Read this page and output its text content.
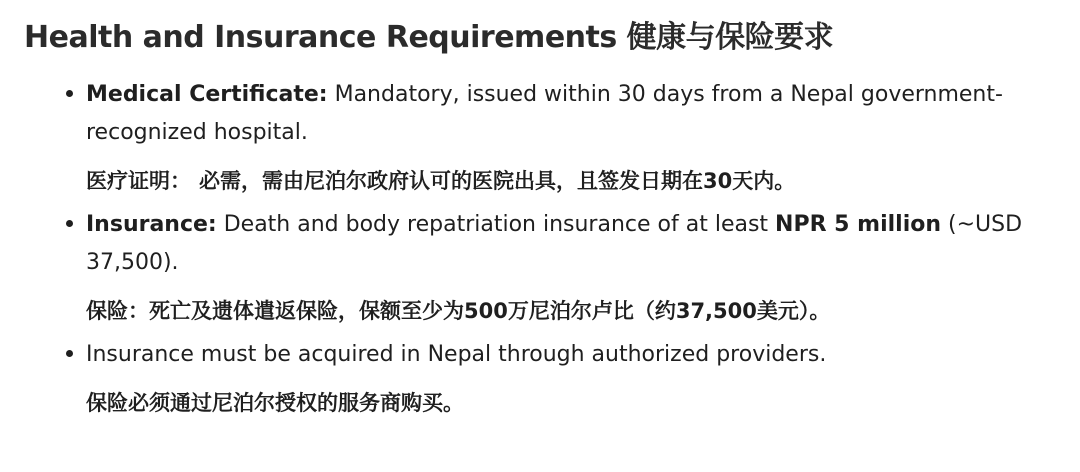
Health and Insurance Requirements 健康与保险要求

Medical Certificate: Mandatory, issued within 30 days from a Nepal government-recognized hospital.

医疗证明： 必需，需由尼泊尔政府认可的医院出具，且签发日期在30天内。

Insurance: Death and body repatriation insurance of at least NPR 5 million (~USD 37,500).

保险：死亡及遗体遣返保险，保额至少为500万尼泊尔卢比（约37,500美元）。

Insurance must be acquired in Nepal through authorized providers.

保险必须通过尼泊尔授权的服务商购买。
